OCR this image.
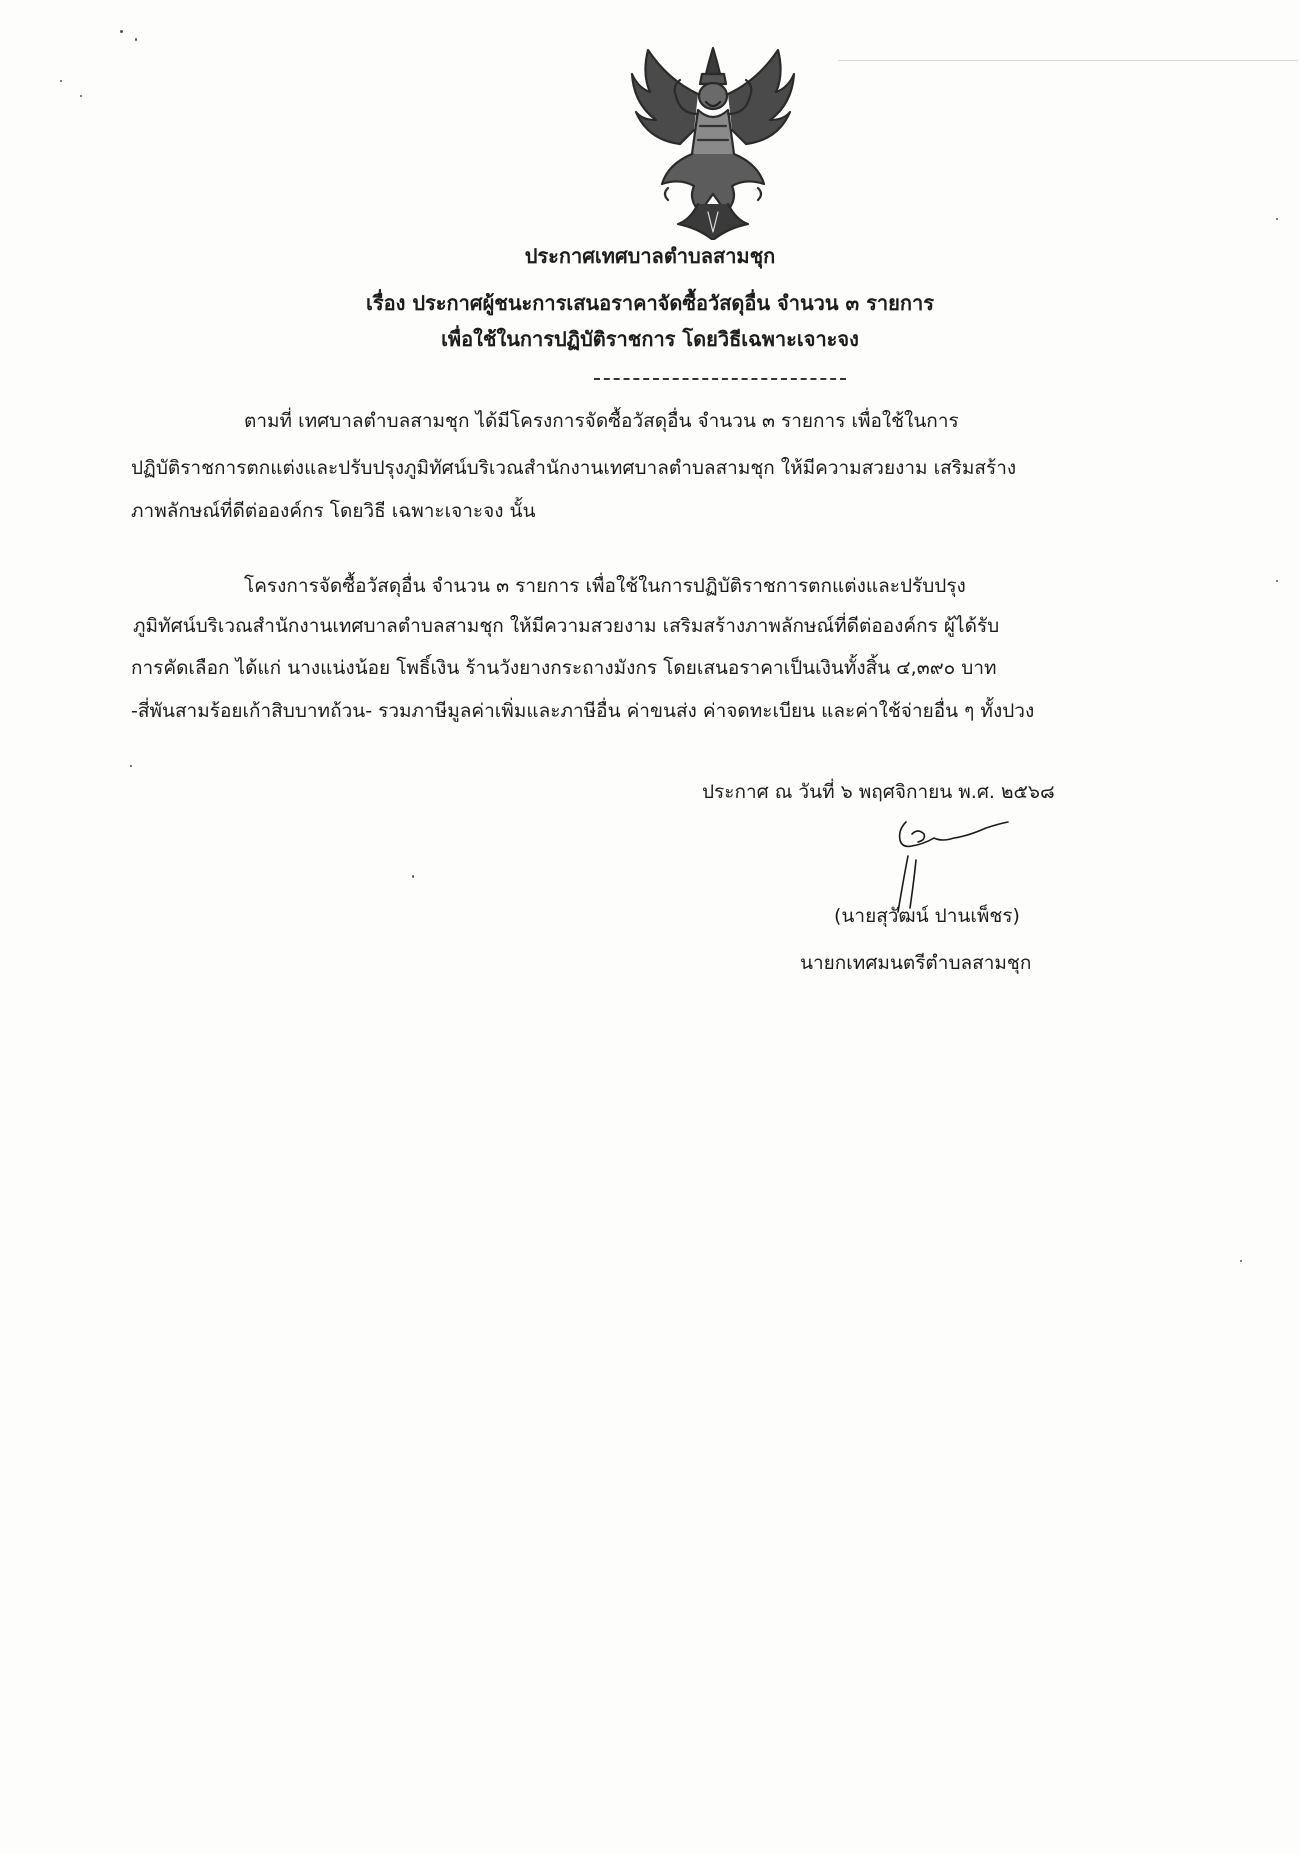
ประกาศเทศบาลตำบลสามชุก
เรื่อง ประกาศผู้ชนะการเสนอราคาจัดซื้อวัสดุอื่น จำนวน ๓ รายการ
เพื่อใช้ในการปฏิบัติราชการ โดยวิธีเฉพาะเจาะจง
ตามที่ เทศบาลตำบลสามชุก ได้มีโครงการจัดซื้อวัสดุอื่น จำนวน ๓ รายการ เพื่อใช้ในการ
ปฏิบัติราชการตกแต่งและปรับปรุงภูมิทัศน์บริเวณสำนักงานเทศบาลตำบลสามชุก ให้มีความสวยงาม เสริมสร้าง
ภาพลักษณ์ที่ดีต่อองค์กร โดยวิธี เฉพาะเจาะจง นั้น
โครงการจัดซื้อวัสดุอื่น จำนวน ๓ รายการ เพื่อใช้ในการปฏิบัติราชการตกแต่งและปรับปรุง
ภูมิทัศน์บริเวณสำนักงานเทศบาลตำบลสามชุก ให้มีความสวยงาม เสริมสร้างภาพลักษณ์ที่ดีต่อองค์กร ผู้ได้รับ
การคัดเลือก ได้แก่ นางแน่งน้อย โพธิ์เงิน ร้านวังยางกระถางมังกร โดยเสนอราคาเป็นเงินทั้งสิ้น ๔,๓๙๐ บาท
-สี่พันสามร้อยเก้าสิบบาทถ้วน- รวมภาษีมูลค่าเพิ่มและภาษีอื่น ค่าขนส่ง ค่าจดทะเบียน และค่าใช้จ่ายอื่น ๆ ทั้งปวง
ประกาศ ณ วันที่ ๖ พฤศจิกายน พ.ศ. ๒๕๖๘
(นายสุวัฒน์ ปานเพ็ชร)
นายกเทศมนตรีตำบลสามชุก
